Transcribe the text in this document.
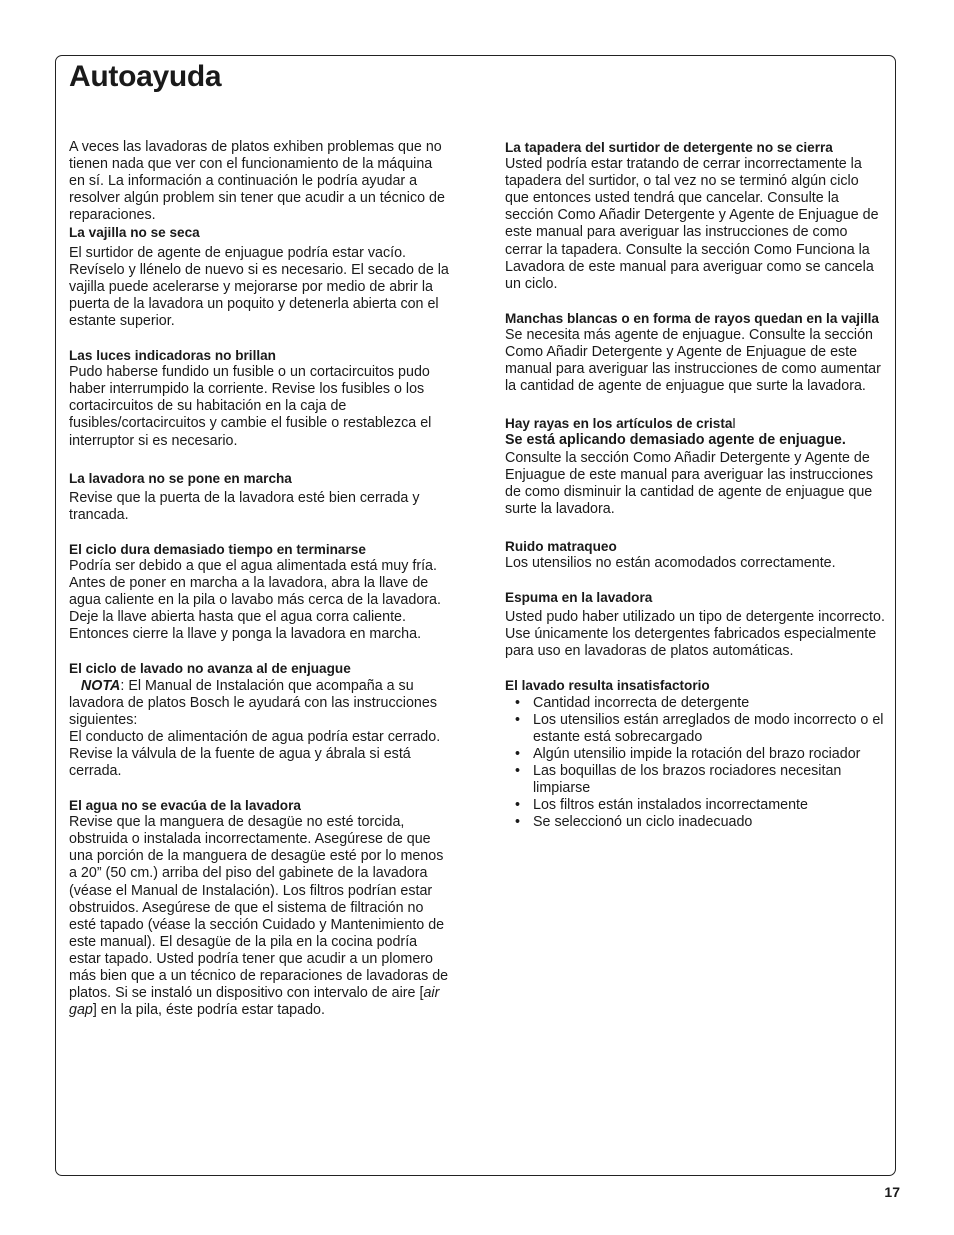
Autoayuda

A veces las lavadoras de platos exhiben problemas que no tienen nada que ver con el funcionamiento de la máquina en sí. La información a continuación le podría ayudar a resolver algún problem sin tener que acudir a un técnico de reparaciones.

La vajilla no se seca

El surtidor de agente de enjuague podría estar vacío. Revíselo y llénelo de nuevo si es necesario. El secado de la vajilla puede acelerarse y mejorarse por medio de abrir la puerta de la lavadora un poquito y detenerla abierta con el estante superior.

Las luces indicadoras no brillan

Pudo haberse fundido un fusible o un cortacircuitos pudo haber interrumpido la corriente. Revise los fusibles o los cortacircuitos de su habitación en la caja de fusibles/cortacircuitos y cambie el fusible o restablezca el interruptor si es necesario.

La lavadora no se pone en marcha

Revise que la puerta de la lavadora esté bien cerrada y trancada.

El ciclo dura demasiado tiempo en terminarse

Podría ser debido a que el agua alimentada está muy fría. Antes de poner en marcha a la lavadora, abra la llave de agua caliente en la pila o lavabo más cerca de la lavadora. Deje la llave abierta hasta que el agua corra caliente. Entonces cierre la llave y ponga la lavadora en marcha.

El ciclo de lavado no avanza al de enjuague

NOTA: El Manual de Instalación que acompaña a su lavadora de platos Bosch le ayudará con las instrucciones siguientes:

El conducto de alimentación de agua podría estar cerrado. Revise la válvula de la fuente de agua y ábrala si está cerrada.

El agua no se evacúa de la lavadora

Revise que la manguera de desagüe no esté torcida, obstruida o instalada incorrectamente. Asegúrese de que una porción de la manguera de desagüe esté por lo menos a 20” (50 cm.) arriba del piso del gabinete de la lavadora (véase el Manual de Instalación). Los filtros podrían estar obstruidos. Asegúrese de que el sistema de filtración no esté tapado (véase la sección Cuidado y Mantenimiento de este manual). El desagüe de la pila en la cocina podría estar tapado. Usted podría tener que acudir a un plomero más bien que a un técnico de reparaciones de lavadoras de platos. Si se instaló un dispositivo con intervalo de aire [air gap] en la pila, éste podría estar tapado.

La tapadera del surtidor de detergente no se cierra

Usted podría estar tratando de cerrar incorrectamente la tapadera del surtidor, o tal vez no se terminó algún ciclo que entonces usted tendrá que cancelar. Consulte la sección Como Añadir Detergente y Agente de Enjuague de este manual para averiguar las instrucciones de como cerrar la tapadera. Consulte la sección Como Funciona la Lavadora de este manual para averiguar como se cancela un ciclo.

Manchas blancas o en forma de rayos quedan en la vajilla

Se necesita más agente de enjuague. Consulte la sección Como Añadir Detergente y Agente de Enjuague de este manual para averiguar las instrucciones de como aumentar la cantidad de agente de enjuague que surte la lavadora.

Hay rayas en los artículos de cristal

Se está aplicando demasiado agente de enjuague. Consulte la sección Como Añadir Detergente y Agente de Enjuague de este manual para averiguar las instrucciones de como disminuir la cantidad de agente de enjuague que surte la lavadora.

Ruido matraqueo

Los utensilios no están acomodados correctamente.

Espuma en la lavadora

Usted pudo haber utilizado un tipo de detergente incorrecto. Use únicamente los detergentes fabricados especialmente para uso en lavadoras de platos automáticas.

El lavado resulta insatisfactorio

• Cantidad incorrecta de detergente
• Los utensilios están arreglados de modo incorrecto o el estante está sobrecargado
• Algún utensilio impide la rotación del brazo rociador
• Las boquillas de los brazos rociadores necesitan limpiarse
• Los filtros están instalados incorrectamente
• Se seleccionó un ciclo inadecuado
17
